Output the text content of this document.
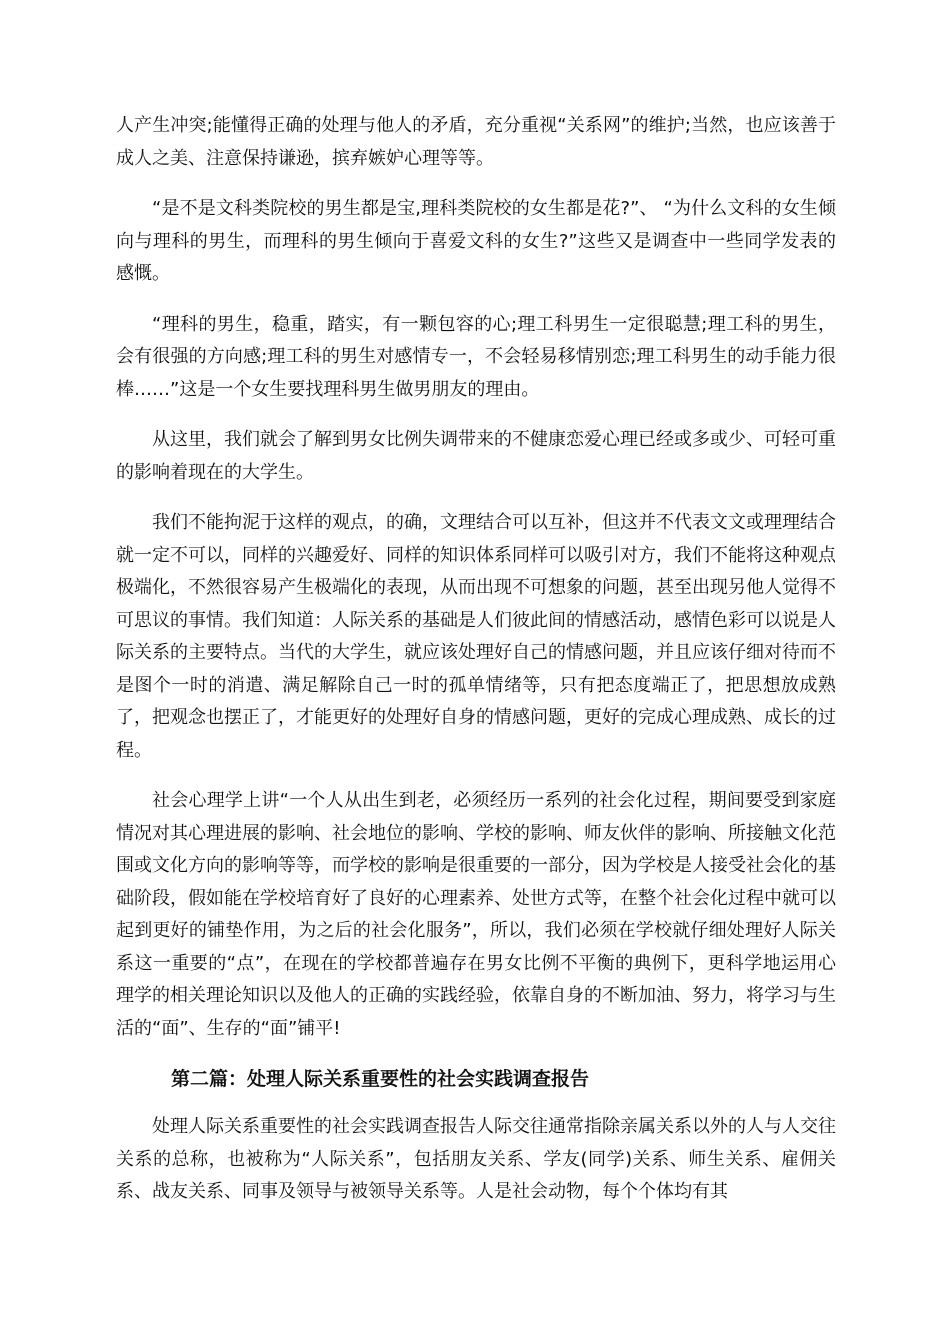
人产生冲突;能懂得正确的处理与他人的矛盾，充分重视“关系网”的维护;当然，也应该善于成人之美、注意保持谦逊，摈弃嫉妒心理等等。

“是不是文科类院校的男生都是宝,理科类院校的女生都是花?”、 “为什么文科的女生倾向与理科的男生，而理科的男生倾向于喜爱文科的女生?”这些又是调查中一些同学发表的感慨。

“理科的男生，稳重，踏实，有一颗包容的心;理工科男生一定很聪慧;理工科的男生，会有很强的方向感;理工科的男生对感情专一，不会轻易移情别恋;理工科男生的动手能力很棒……”这是一个女生要找理科男生做男朋友的理由。

从这里，我们就会了解到男女比例失调带来的不健康恋爱心理已经或多或少、可轻可重的影响着现在的大学生。

我们不能拘泥于这样的观点，的确，文理结合可以互补，但这并不代表文文或理理结合就一定不可以，同样的兴趣爱好、同样的知识体系同样可以吸引对方，我们不能将这种观点极端化，不然很容易产生极端化的表现，从而出现不可想象的问题，甚至出现另他人觉得不可思议的事情。我们知道：人际关系的基础是人们彼此间的情感活动，感情色彩可以说是人际关系的主要特点。当代的大学生，就应该处理好自己的情感问题，并且应该仔细对待而不是图个一时的消遣、满足解除自己一时的孤单情绪等，只有把态度端正了，把思想放成熟了，把观念也摆正了，才能更好的处理好自身的情感问题，更好的完成心理成熟、成长的过程。

社会心理学上讲“一个人从出生到老，必须经历一系列的社会化过程，期间要受到家庭情况对其心理进展的影响、社会地位的影响、学校的影响、师友伙伴的影响、所接触文化范围或文化方向的影响等等，而学校的影响是很重要的一部分，因为学校是人接受社会化的基础阶段，假如能在学校培育好了良好的心理素养、处世方式等，在整个社会化过程中就可以起到更好的铺垫作用，为之后的社会化服务”，所以，我们必须在学校就仔细处理好人际关系这一重要的“点”，在现在的学校都普遍存在男女比例不平衡的典例下，更科学地运用心理学的相关理论知识以及他人的正确的实践经验，依靠自身的不断加油、努力，将学习与生活的“面”、生存的“面”铺平!

第二篇：处理人际关系重要性的社会实践调查报告

处理人际关系重要性的社会实践调查报告人际交往通常指除亲属关系以外的人与人交往关系的总称，也被称为“人际关系”，包括朋友关系、学友(同学)关系、师生关系、雇佣关系、战友关系、同事及领导与被领导关系等。人是社会动物，每个个体均有其
